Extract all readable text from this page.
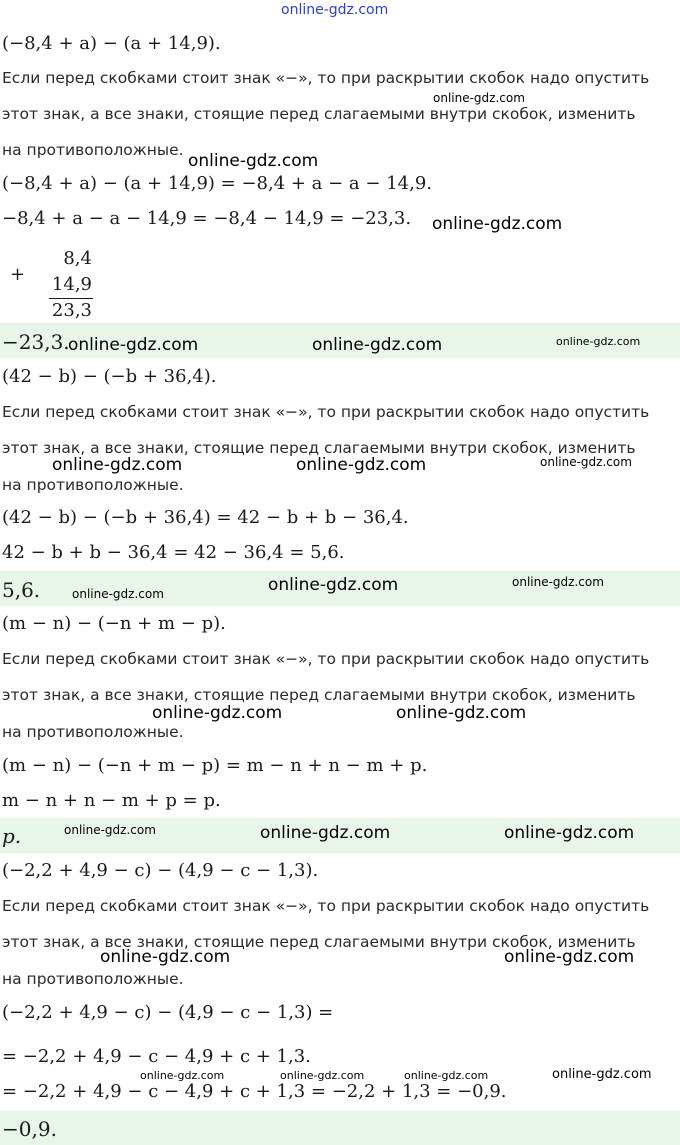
online-gdz.com
(−8,4 + a) − (a + 14,9).
Если перед скобками стоит знак «−», то при раскрытии скобок надо опустить
этот знак, а все знаки, стоящие перед слагаемыми внутри скобок, изменить
на противоположные.
(−8,4 + a) − (a + 14,9) = −8,4 + a − a − 14,9.
−8,4 + a − a − 14,9 = −8,4 − 14,9 = −23,3.
+
8,4
14,9
23,3
−23,3.
(42 − b) − (−b + 36,4).
Если перед скобками стоит знак «−», то при раскрытии скобок надо опустить
этот знак, а все знаки, стоящие перед слагаемыми внутри скобок, изменить
на противоположные.
(42 − b) − (−b + 36,4) = 42 − b + b − 36,4.
42 − b + b − 36,4 = 42 − 36,4 = 5,6.
5,6.
(m − n) − (−n + m − p).
Если перед скобками стоит знак «−», то при раскрытии скобок надо опустить
этот знак, а все знаки, стоящие перед слагаемыми внутри скобок, изменить
на противоположные.
(m − n) − (−n + m − p) = m − n + n − m + p.
m − n + n − m + p = p.
p.
(−2,2 + 4,9 − c) − (4,9 − c − 1,3).
Если перед скобками стоит знак «−», то при раскрытии скобок надо опустить
этот знак, а все знаки, стоящие перед слагаемыми внутри скобок, изменить
на противоположные.
(−2,2 + 4,9 − c) − (4,9 − c − 1,3) =
= −2,2 + 4,9 − c − 4,9 + c + 1,3.
= −2,2 + 4,9 − c − 4,9 + c + 1,3 = −2,2 + 1,3 = −0,9.
−0,9.
online-gdz.com
online-gdz.com
online-gdz.com
online-gdz.com	online-gdz.com	online-gdz.com
online-gdz.com	online-gdz.com	online-gdz.com
online-gdz.com	online-gdz.com	online-gdz.com
online-gdz.com	online-gdz.com
online-gdz.com	online-gdz.com	online-gdz.com
online-gdz.com	online-gdz.com
online-gdz.com	online-gdz.com	online-gdz.com	online-gdz.com
